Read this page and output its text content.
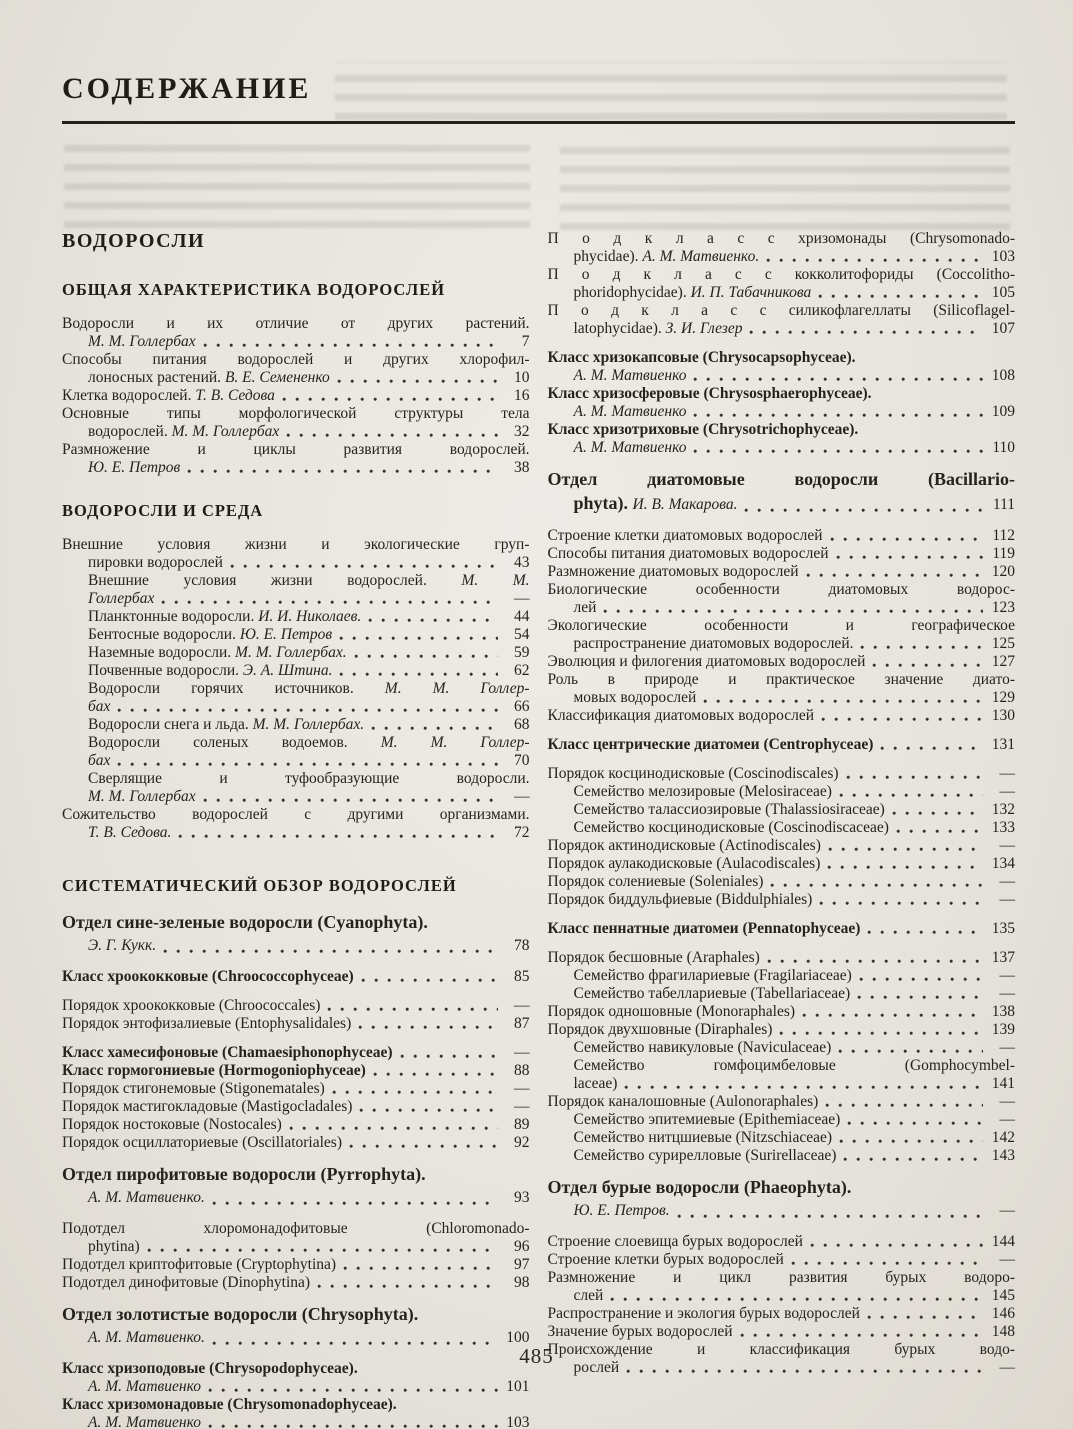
СОДЕРЖАНИЕ
ВОДОРОСЛИ
ОБЩАЯ ХАРАКТЕРИСТИКА ВОДОРОСЛЕЙ
Водоросли и их отличие от других растений.
М. М. Голлербах	7
Способы питания водорослей и других хлорофил-
лоносных растений. В. Е. Семененко	10
Клетка водорослей. Т. В. Седова	16
Основные типы морфологической структуры тела
водорослей. М. М. Голлербах	32
Размножение и циклы развития водорослей.
Ю. Е. Петров	38
ВОДОРОСЛИ И СРЕДА
Внешние условия жизни и экологические груп-
пировки водорослей	43
Внешние условия жизни водорослей. М. М.
Голлербах	—
Планктонные водоросли. И. И. Николаев.	44
Бентосные водоросли. Ю. Е. Петров	54
Наземные водоросли. М. М. Голлербах.	59
Почвенные водоросли. Э. А. Штина.	62
Водоросли горячих источников. М. М. Голлер-
бах	66
Водоросли снега и льда. М. М. Голлербах.	68
Водоросли соленых водоемов. М. М. Голлер-
бах	70
Сверлящие и туфообразующие водоросли.
М. М. Голлербах	—
Сожительство водорослей с другими организмами.
Т. В. Седова.	72
СИСТЕМАТИЧЕСКИЙ ОБЗОР ВОДОРОСЛЕЙ
Отдел сине-зеленые водоросли (Cyanophyta).
Э. Г. Кукк.	78
Класс хроококковые (Chroococcophyceae)	85
Порядок хроококковые (Chroococcales)	—
Порядок энтофизалиевые (Entophysalidales)	87
Класс хамесифоновые (Chamaesiphonophyceae)	—
Класс гормогониевые (Hormogoniophyceae)	88
Порядок стигонемовые (Stigonematales)	—
Порядок мастигокладовые (Mastigocladales)	—
Порядок ностоковые (Nostocales)	89
Порядок осциллаториевые (Oscillatoriales)	92
Отдел пирофитовые водоросли (Pyrrophyta).
А. М. Матвиенко.	93
Подотдел хлоромонадофитовые (Chloromonado-
phytina)	96
Подотдел криптофитовые (Cryptophytina)	97
Подотдел динофитовые (Dinophytina)	98
Отдел золотистые водоросли (Chrysophyta).
А. М. Матвиенко.	100
Класс хризоподовые (Chrysopodophyceae).
А. М. Матвиенко	101
Класс хризомонадовые (Chrysomonadophyceae).
А. М. Матвиенко	103
П о д к л а с с хризомонады (Chrysomonado-
phycidae). А. М. Матвиенко.	103
П о д к л а с с кокколитофориды (Coccolitho-
phoridophycidae). И. П. Табачникова	105
П о д к л а с с силикофлагеллаты (Silicoflagel-
latophycidae). З. И. Глезер	107
Класс хризокапсовые (Chrysocapsophyceae).
А. М. Матвиенко	108
Класс хризосферовые (Chrysosphaerophyceae).
А. М. Матвиенко	109
Класс хризотриховые (Chrysotrichophyceae).
А. М. Матвиенко	110
Отдел диатомовые водоросли (Bacillario-
phyta). И. В. Макарова.	111
Строение клетки диатомовых водорослей	112
Способы питания диатомовых водорослей	119
Размножение диатомовых водорослей	120
Биологические особенности диатомовых водорос-
лей	123
Экологические особенности и географическое
распространение диатомовых водорослей.	125
Эволюция и филогения диатомовых водорослей	127
Роль в природе и практическое значение диато-
мовых водорослей	129
Классификация диатомовых водорослей	130
Класс центрические диатомеи (Centrophyceae)	131
Порядок косцинодисковые (Coscinodiscales)	—
Семейство мелозировые (Melosiraceae)	—
Семейство талассиозировые (Thalassiosiraceae)	132
Семейство косцинодисковые (Coscinodiscaceae)	133
Порядок актинодисковые (Actinodiscales)	—
Порядок аулакодисковые (Aulacodiscales)	134
Порядок солениевые (Soleniales)	—
Порядок биддульфиевые (Biddulphiales)	—
Класс пеннатные диатомеи (Pennatophyceae)	135
Порядок бесшовные (Araphales)	137
Семейство фрагилариевые (Fragilariaceae)	—
Семейство табеллариевые (Tabellariaceae)	—
Порядок одношовные (Monoraphales)	138
Порядок двухшовные (Diraphales)	139
Семейство навикуловые (Naviculaceae)	—
Семейство гомфоцимбеловые (Gomphocymbel-
laceae)	141
Порядок каналошовные (Aulonoraphales)	—
Семейство эпитемиевые (Epithemiaceae)	—
Семейство нитцшиевые (Nitzschiaceae)	142
Семейство сурирелловые (Surirellaceae)	143
Отдел бурые водоросли (Phaeophyta).
Ю. Е. Петров.	—
Строение слоевища бурых водорослей	144
Строение клетки бурых водорослей	—
Размножение и цикл развития бурых водоро-
слей	145
Распространение и экология бурых водорослей	146
Значение бурых водорослей	148
Происхождение и классификация бурых водо-
рослей	—
485
